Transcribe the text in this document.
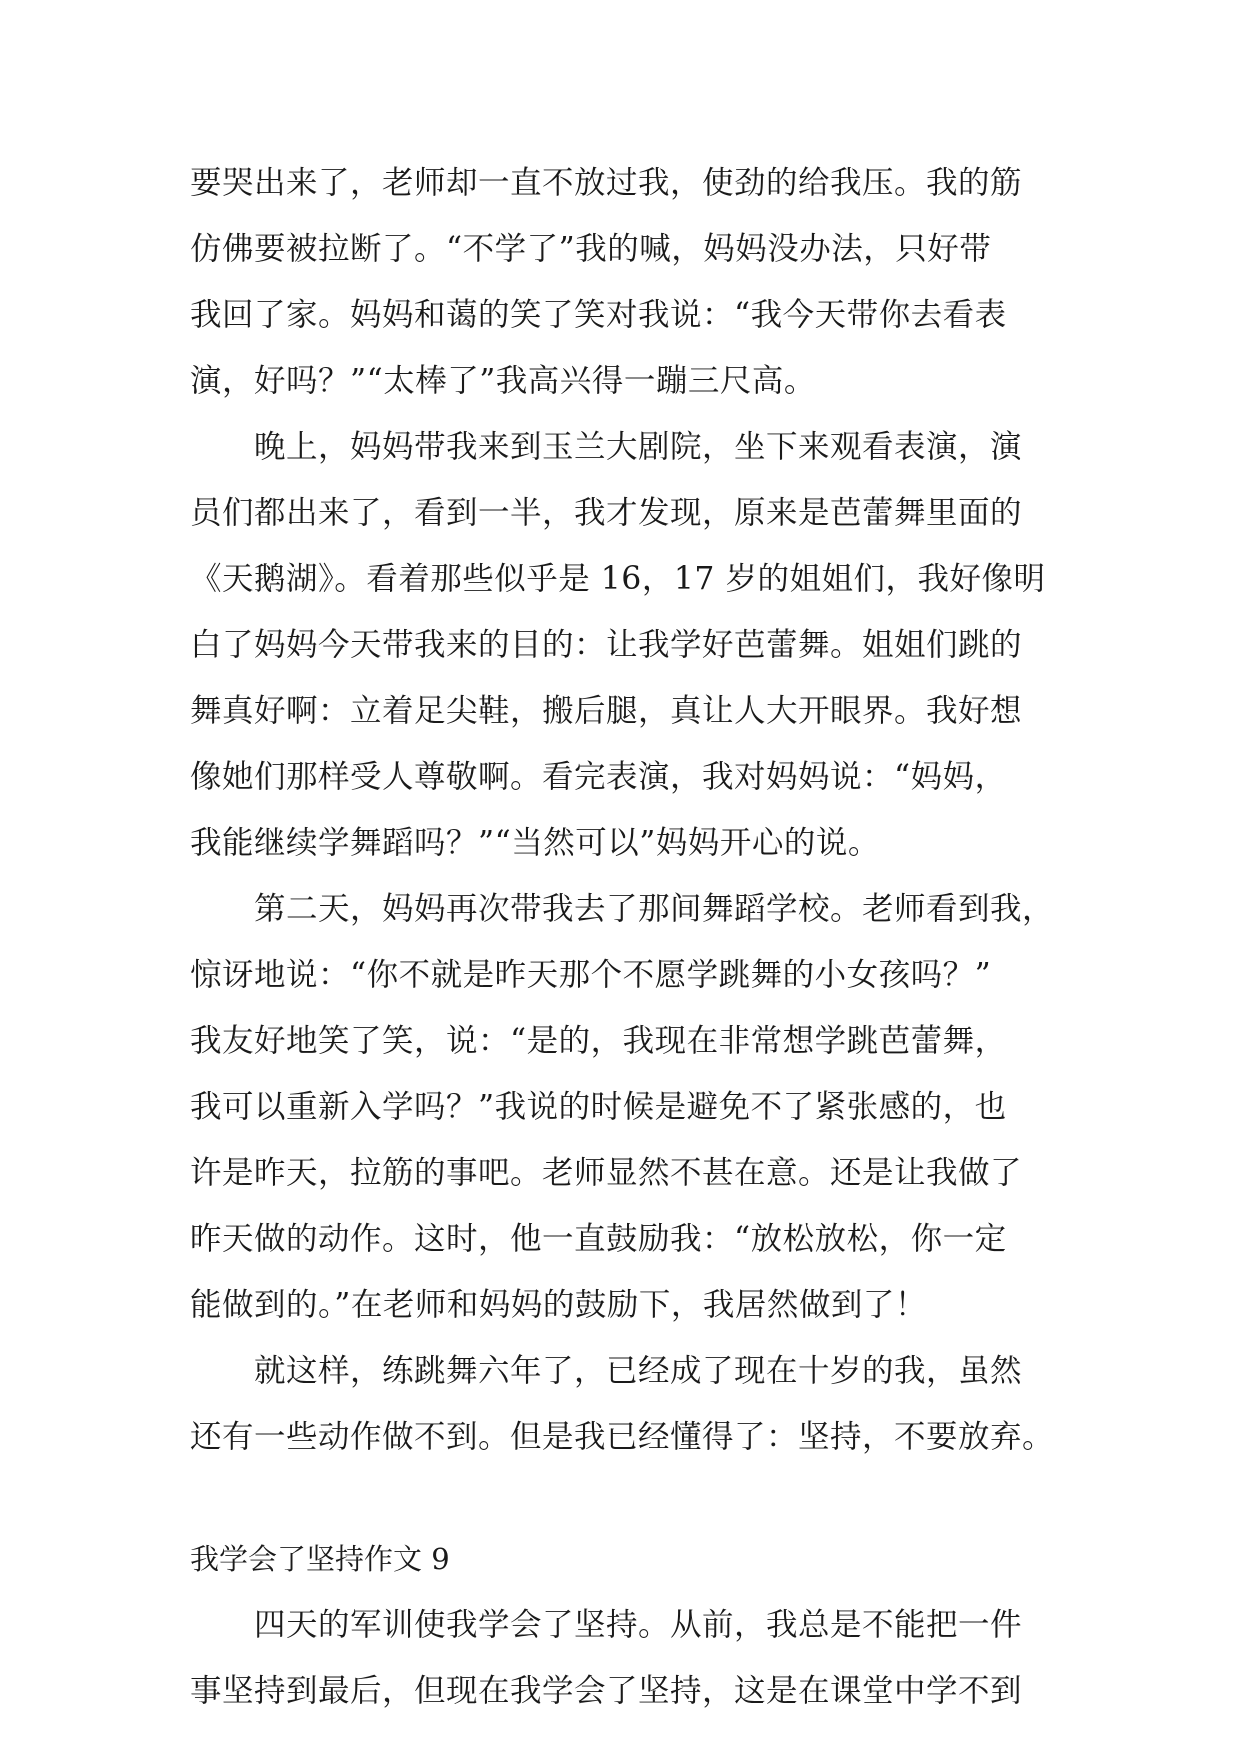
要哭出来了，老师却一直不放过我，使劲的给我压。我的筋
仿佛要被拉断了。“不学了”我的喊，妈妈没办法，只好带
我回了家。妈妈和蔼的笑了笑对我说：“我今天带你去看表
演，好吗？”“太棒了”我高兴得一蹦三尺高。
　　晚上，妈妈带我来到玉兰大剧院，坐下来观看表演，演
员们都出来了，看到一半，我才发现，原来是芭蕾舞里面的
《天鹅湖》。看着那些似乎是 16，17 岁的姐姐们，我好像明
白了妈妈今天带我来的目的：让我学好芭蕾舞。姐姐们跳的
舞真好啊：立着足尖鞋，搬后腿，真让人大开眼界。我好想
像她们那样受人尊敬啊。看完表演，我对妈妈说：“妈妈，
我能继续学舞蹈吗？”“当然可以”妈妈开心的说。
　　第二天，妈妈再次带我去了那间舞蹈学校。老师看到我，
惊讶地说：“你不就是昨天那个不愿学跳舞的小女孩吗？”
我友好地笑了笑，说：“是的，我现在非常想学跳芭蕾舞，
我可以重新入学吗？”我说的时候是避免不了紧张感的，也
许是昨天，拉筋的事吧。老师显然不甚在意。还是让我做了
昨天做的动作。这时，他一直鼓励我：“放松放松，你一定
能做到的。”在老师和妈妈的鼓励下，我居然做到了！
　　就这样，练跳舞六年了，已经成了现在十岁的我，虽然
还有一些动作做不到。但是我已经懂得了：坚持，不要放弃。
我学会了坚持作文 9
　　四天的军训使我学会了坚持。从前，我总是不能把一件
事坚持到最后，但现在我学会了坚持，这是在课堂中学不到
